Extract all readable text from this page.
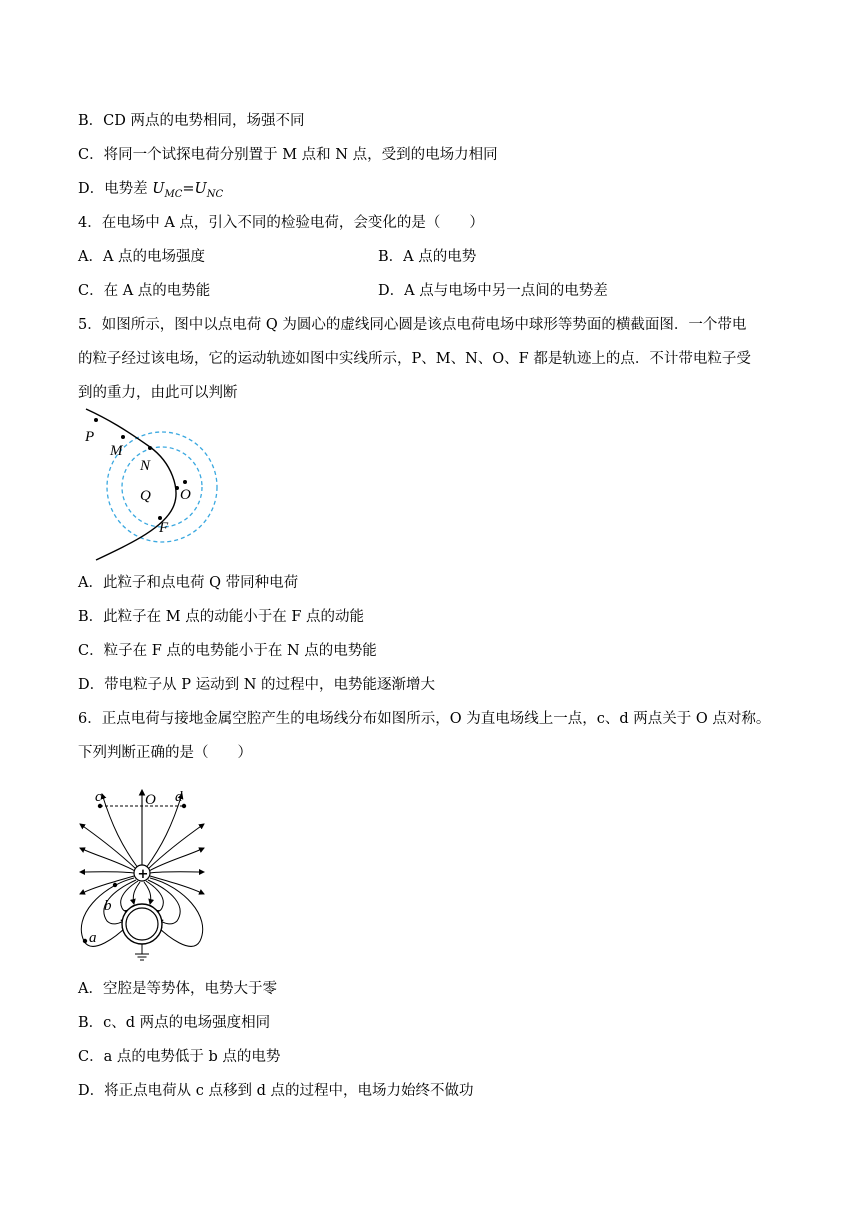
B．CD 两点的电势相同，场强不同
C．将同一个试探电荷分别置于 M 点和 N 点，受到的电场力相同
D．电势差 $U_{MC}=U_{NC}$
4．在电场中 A 点，引入不同的检验电荷，会变化的是（　　）
A．A 点的电场强度	B．A 点的电势
C．在 A 点的电势能	D．A 点与电场中另一点间的电势差
5．如图所示，图中以点电荷 Q 为圆心的虚线同心圆是该点电荷电场中球形等势面的横截面图．一个带电
的粒子经过该电场，它的运动轨迹如图中实线所示，P、M、N、O、F 都是轨迹上的点．不计带电粒子受
到的重力，由此可以判断
P
M
N
Q O
F
A．此粒子和点电荷 Q 带同种电荷
B．此粒子在 M 点的动能小于在 F 点的动能
C．粒子在 F 点的电势能小于在 N 点的电势能
D．带电粒子从 P 运动到 N 的过程中，电势能逐渐增大
6．正点电荷与接地金属空腔产生的电场线分布如图所示，O 为直电场线上一点，c、d 两点关于 O 点对称。
下列判断正确的是（　　）
+
c	O d
b
a
A．空腔是等势体，电势大于零
B．c、d 两点的电场强度相同
C．a 点的电势低于 b 点的电势
D．将正点电荷从 c 点移到 d 点的过程中，电场力始终不做功
